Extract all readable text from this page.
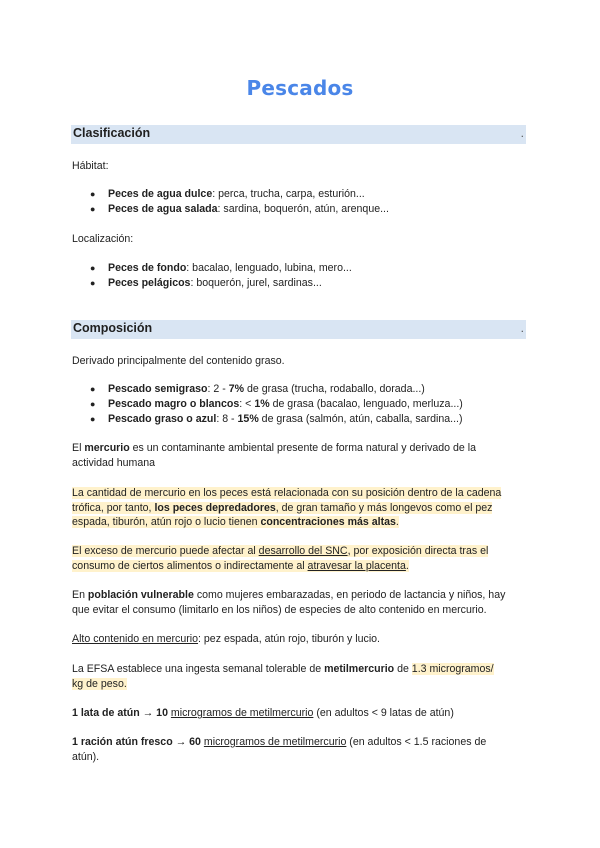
Pescados
Clasificación	.
Hábitat:
● Peces de agua dulce: perca, trucha, carpa, esturión...
● Peces de agua salada: sardina, boquerón, atún, arenque...
Localización:
● Peces de fondo: bacalao, lenguado, lubina, mero...
● Peces pelágicos: boquerón, jurel, sardinas...
Composición	.
Derivado principalmente del contenido graso.
● Pescado semigraso: 2 - 7% de grasa (trucha, rodaballo, dorada...)
● Pescado magro o blancos: < 1% de grasa (bacalao, lenguado, merluza...)
● Pescado graso o azul: 8 - 15% de grasa (salmón, atún, caballa, sardina...)
El mercurio es un contaminante ambiental presente de forma natural y derivado de la
actividad humana
La cantidad de mercurio en los peces está relacionada con su posición dentro de la cadena
trófica, por tanto, los peces depredadores, de gran tamaño y más longevos como el pez
espada, tiburón, atún rojo o lucio tienen concentraciones más altas.
El exceso de mercurio puede afectar al desarrollo del SNC, por exposición directa tras el
consumo de ciertos alimentos o indirectamente al atravesar la placenta.
En población vulnerable como mujeres embarazadas, en periodo de lactancia y niños, hay
que evitar el consumo (limitarlo en los niños) de especies de alto contenido en mercurio.
Alto contenido en mercurio: pez espada, atún rojo, tiburón y lucio.
La EFSA establece una ingesta semanal tolerable de metilmercurio de 1.3 microgramos/
kg de peso.
1 lata de atún → 10 microgramos de metilmercurio (en adultos < 9 latas de atún)
1 ración atún fresco → 60 microgramos de metilmercurio (en adultos < 1.5 raciones de
atún).
